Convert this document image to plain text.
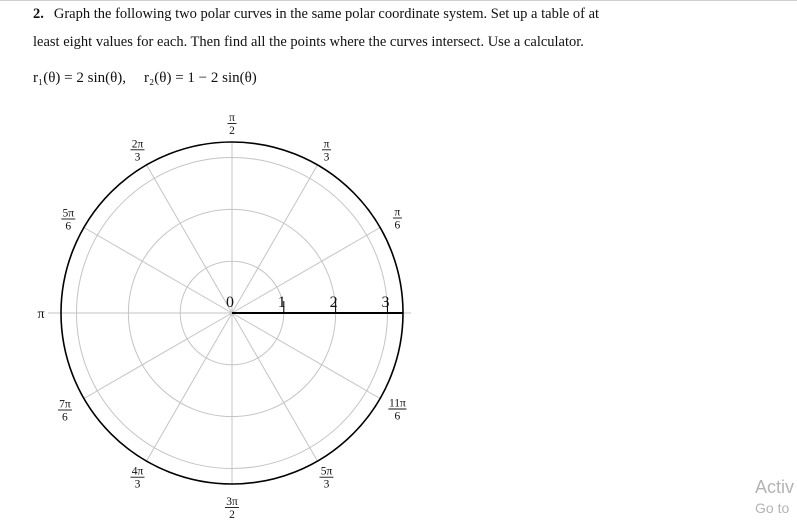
2. Graph the following two polar curves in the same polar coordinate system. Set up a table of at
least eight values for each. Then find all the points where the curves intersect. Use a calculator.
r₁(θ) = 2 sin(θ), r₂(θ) = 1 − 2 sin(θ)
0	1	2	3
π
3
π
2
2π
3
5π
6
π
7π
6
4π
3
3π
2
5π
3
11π
6
π
6
Activ
Go to
